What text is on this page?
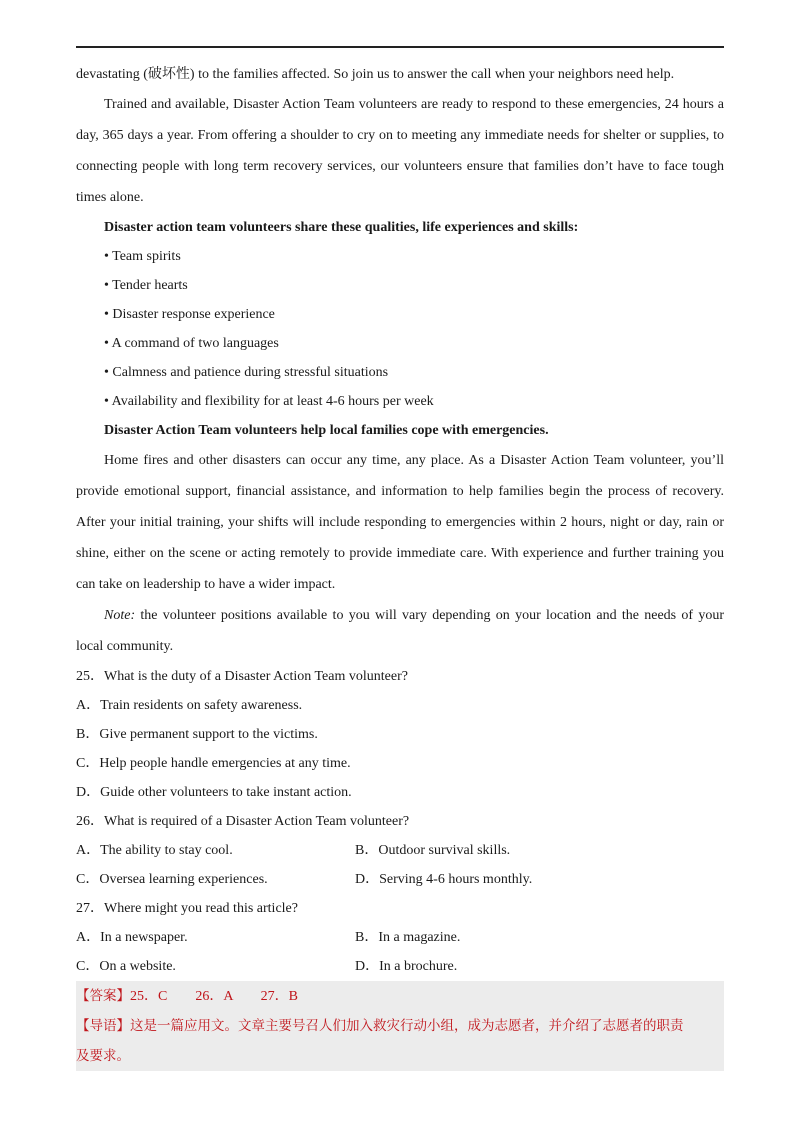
devastating (破坏性) to the families affected. So join us to answer the call when your neighbors need help.
Trained and available, Disaster Action Team volunteers are ready to respond to these emergencies, 24 hours a
day, 365 days a year. From offering a shoulder to cry on to meeting any immediate needs for shelter or supplies, to
connecting people with long term recovery services, our volunteers ensure that families don’t have to face tough
times alone.
Disaster action team volunteers share these qualities, life experiences and skills:
• Team spirits
• Tender hearts
• Disaster response experience
• A command of two languages
• Calmness and patience during stressful situations
• Availability and flexibility for at least 4-6 hours per week
Disaster Action Team volunteers help local families cope with emergencies.
Home fires and other disasters can occur any time, any place. As a Disaster Action Team volunteer, you’ll
provide emotional support, financial assistance, and information to help families begin the process of recovery.
After your initial training, your shifts will include responding to emergencies within 2 hours, night or day, rain or
shine, either on the scene or acting remotely to provide immediate care. With experience and further training you
can take on leadership to have a wider impact.
Note: the volunteer positions available to you will vary depending on your location and the needs of your
local community.
25．What is the duty of a Disaster Action Team volunteer?
A．Train residents on safety awareness.
B．Give permanent support to the victims.
C．Help people handle emergencies at any time.
D．Guide other volunteers to take instant action.
26．What is required of a Disaster Action Team volunteer?
A．The ability to stay cool.	B．Outdoor survival skills.
C．Oversea learning experiences.	D．Serving 4-6 hours monthly.
27．Where might you read this article?
A．In a newspaper.	B．In a magazine.
C．On a website.	D．In a brochure.
【答案】25．C　　26．A　　27．B
【导语】这是一篇应用文。文章主要号召人们加入救灾行动小组，成为志愿者，并介绍了志愿者的职责
及要求。
